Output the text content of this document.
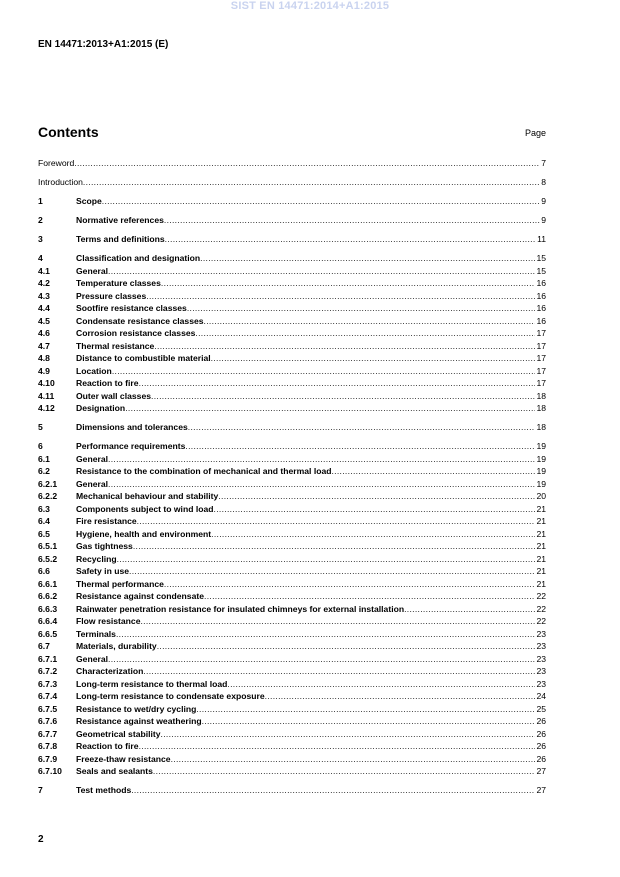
SIST EN 14471:2014+A1:2015
EN 14471:2013+A1:2015 (E)
Contents	Page
Foreword .....	7
Introduction .....	8
1	Scope .....	9
2	Normative references .....	9
3	Terms and definitions .....	11
4	Classification and designation .....	15
4.1	General .....	15
4.2	Temperature classes .....	16
4.3	Pressure classes .....	16
4.4	Sootfire resistance classes .....	16
4.5	Condensate resistance classes .....	16
4.6	Corrosion resistance classes .....	17
4.7	Thermal resistance .....	17
4.8	Distance to combustible material .....	17
4.9	Location .....	17
4.10	Reaction to fire .....	17
4.11	Outer wall classes .....	18
4.12	Designation .....	18
5	Dimensions and tolerances .....	18
6	Performance requirements .....	19
6.1	General .....	19
6.2	Resistance to the combination of mechanical and thermal load .....	19
6.2.1	General .....	19
6.2.2	Mechanical behaviour and stability .....	20
6.3	Components subject to wind load .....	21
6.4	Fire resistance .....	21
6.5	Hygiene, health and environment .....	21
6.5.1	Gas tightness .....	21
6.5.2	Recycling .....	21
6.6	Safety in use .....	21
6.6.1	Thermal performance .....	21
6.6.2	Resistance against condensate .....	22
6.6.3	Rainwater penetration resistance for insulated chimneys for external installation .....	22
6.6.4	Flow resistance .....	22
6.6.5	Terminals .....	23
6.7	Materials, durability .....	23
6.7.1	General .....	23
6.7.2	Characterization .....	23
6.7.3	Long-term resistance to thermal load .....	23
6.7.4	Long-term resistance to condensate exposure .....	24
6.7.5	Resistance to wet/dry cycling .....	25
6.7.6	Resistance against weathering .....	26
6.7.7	Geometrical stability .....	26
6.7.8	Reaction to fire .....	26
6.7.9	Freeze-thaw resistance .....	26
6.7.10	Seals and sealants .....	27
7	Test methods .....	27
2
